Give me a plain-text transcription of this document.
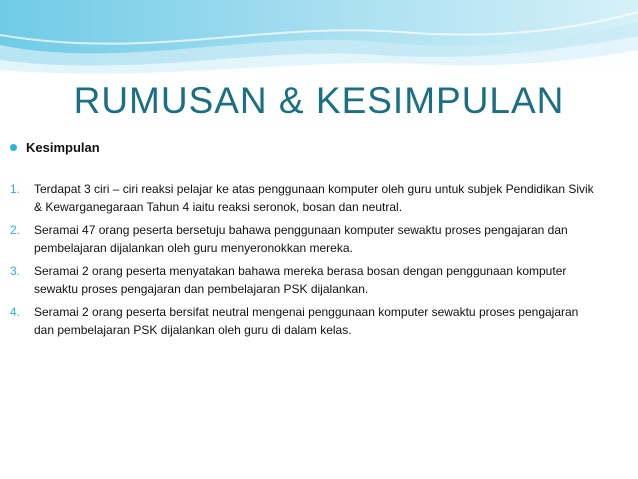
RUMUSAN & KESIMPULAN
Kesimpulan
1.	Terdapat 3 ciri – ciri reaksi pelajar ke atas penggunaan komputer oleh guru untuk subjek Pendidikan Sivik & Kewarganegaraan Tahun 4 iaitu reaksi seronok, bosan dan neutral.
2.	Seramai 47 orang peserta bersetuju bahawa penggunaan komputer sewaktu proses pengajaran dan pembelajaran dijalankan oleh guru menyeronokkan mereka.
3.	Seramai 2 orang peserta menyatakan bahawa mereka berasa bosan dengan penggunaan komputer sewaktu proses pengajaran dan pembelajaran PSK dijalankan.
4.	Seramai 2 orang peserta bersifat neutral mengenai penggunaan komputer sewaktu proses pengajaran dan pembelajaran PSK dijalankan oleh guru di dalam kelas.
